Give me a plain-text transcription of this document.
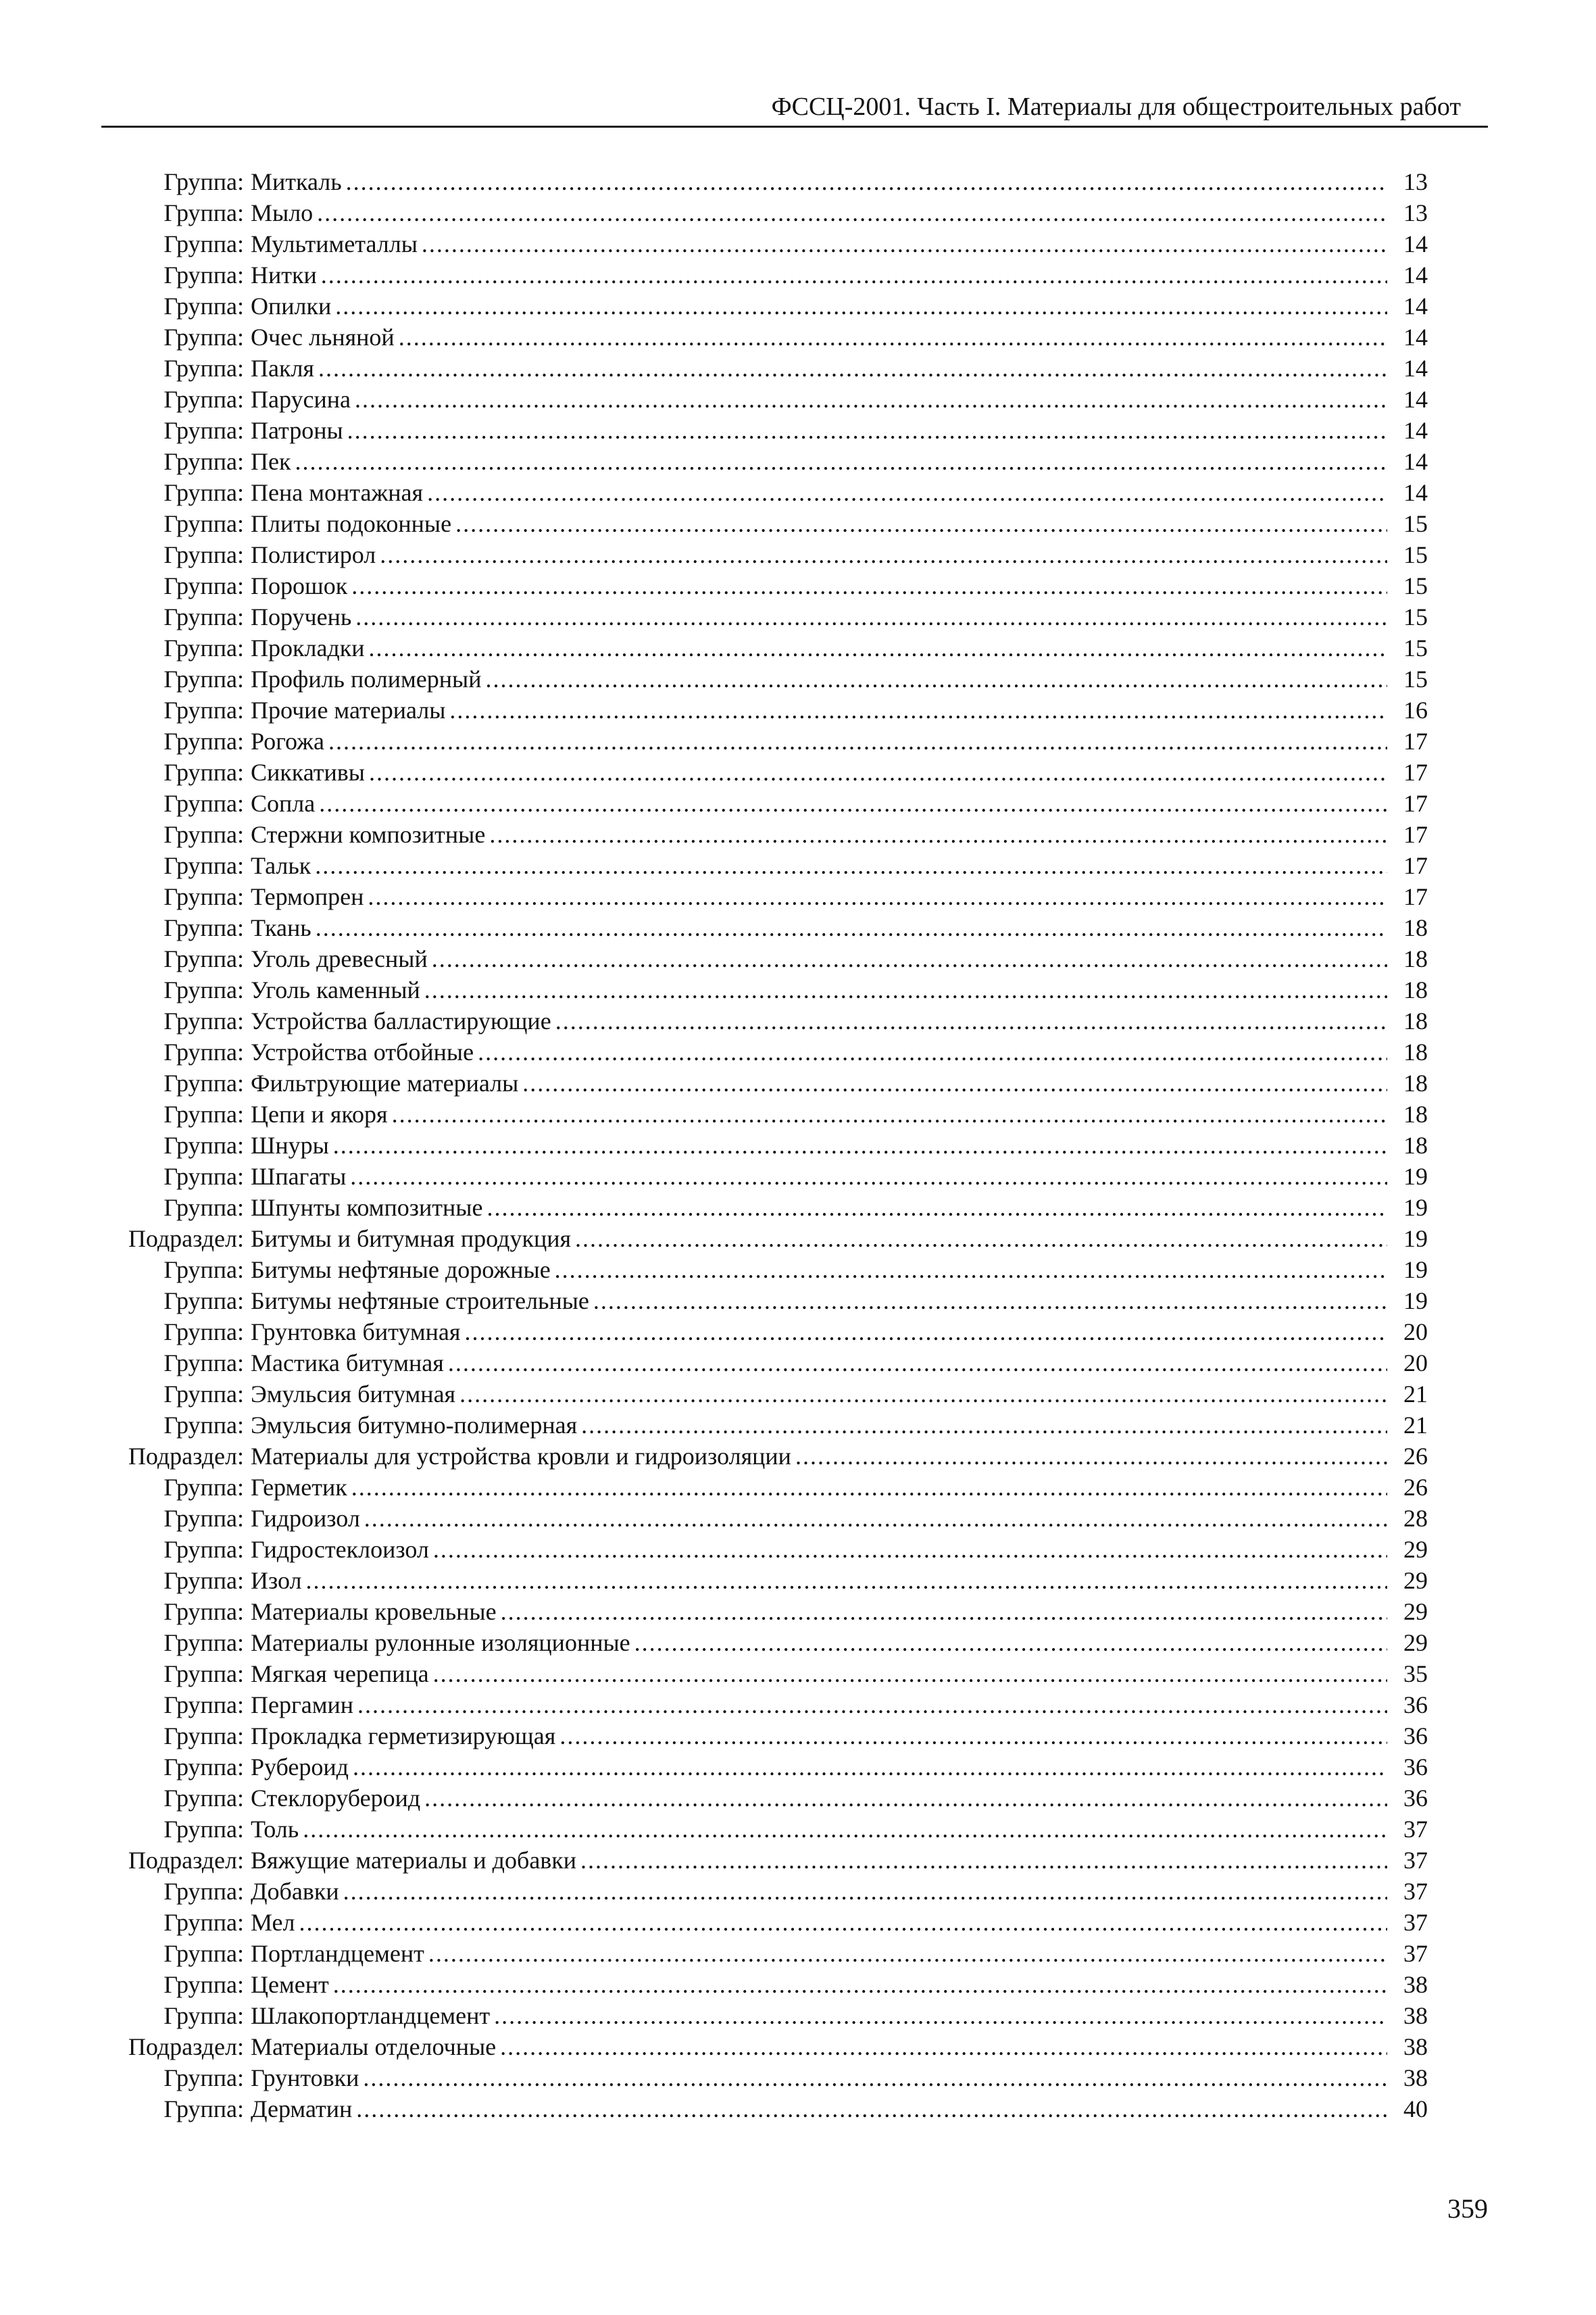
ФССЦ-2001. Часть I. Материалы для общестроительных работ
Группа: Миткаль .....	13
Группа: Мыло .....	13
Группа: Мультиметаллы .....	14
Группа: Нитки .....	14
Группа: Опилки .....	14
Группа: Очес льняной .....	14
Группа: Пакля .....	14
Группа: Парусина .....	14
Группа: Патроны .....	14
Группа: Пек .....	14
Группа: Пена монтажная .....	14
Группа: Плиты подоконные .....	15
Группа: Полистирол .....	15
Группа: Порошок .....	15
Группа: Поручень .....	15
Группа: Прокладки .....	15
Группа: Профиль полимерный .....	15
Группа: Прочие материалы .....	16
Группа: Рогожа .....	17
Группа: Сиккативы .....	17
Группа: Сопла .....	17
Группа: Стержни композитные .....	17
Группа: Тальк .....	17
Группа: Термопрен .....	17
Группа: Ткань .....	18
Группа: Уголь древесный .....	18
Группа: Уголь каменный .....	18
Группа: Устройства балластирующие .....	18
Группа: Устройства отбойные .....	18
Группа: Фильтрующие материалы .....	18
Группа: Цепи и якоря .....	18
Группа: Шнуры .....	18
Группа: Шпагаты .....	19
Группа: Шпунты композитные .....	19
Подраздел: Битумы и битумная продукция .....	19
Группа: Битумы нефтяные дорожные .....	19
Группа: Битумы нефтяные строительные .....	19
Группа: Грунтовка битумная .....	20
Группа: Мастика битумная .....	20
Группа: Эмульсия битумная .....	21
Группа: Эмульсия битумно-полимерная .....	21
Подраздел: Материалы для устройства кровли и гидроизоляции .....	26
Группа: Герметик .....	26
Группа: Гидроизол .....	28
Группа: Гидростеклоизол .....	29
Группа: Изол .....	29
Группа: Материалы кровельные .....	29
Группа: Материалы рулонные изоляционные .....	29
Группа: Мягкая черепица .....	35
Группа: Пергамин .....	36
Группа: Прокладка герметизирующая .....	36
Группа: Рубероид .....	36
Группа: Стеклорубероид .....	36
Группа: Толь .....	37
Подраздел: Вяжущие материалы и добавки .....	37
Группа: Добавки .....	37
Группа: Мел .....	37
Группа: Портландцемент .....	37
Группа: Цемент .....	38
Группа: Шлакопортландцемент .....	38
Подраздел: Материалы отделочные .....	38
Группа: Грунтовки .....	38
Группа: Дерматин .....	40
359
